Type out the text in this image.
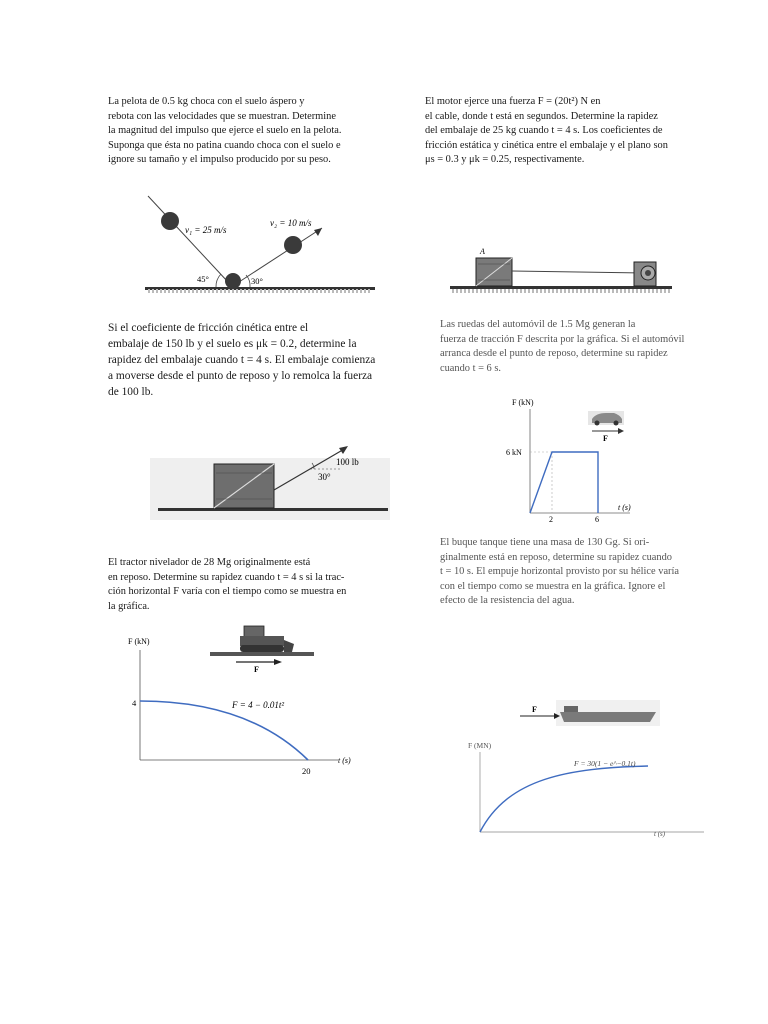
La pelota de 0.5 kg choca con el suelo áspero y
rebota con las velocidades que se muestran. Determine
la magnitud del impulso que ejerce el suelo en la pelota.
Suponga que ésta no patina cuando choca con el suelo e
ignore su tamaño y el impulso producido por su peso.
v₁ = 25 m/s
v₂ = 10 m/s
45°	30°
El motor ejerce una fuerza F = (20t²) N en
el cable, donde t está en segundos. Determine la rapidez
del embalaje de 25 kg cuando t = 4 s. Los coeficientes de
fricción estática y cinética entre el embalaje y el plano son
μs = 0.3 y μk = 0.25, respectivamente.
A
Si el coeficiente de fricción cinética entre el
embalaje de 150 lb y el suelo es μk = 0.2, determine la
rapidez del embalaje cuando t = 4 s. El embalaje comienza
a moverse desde el punto de reposo y lo remolca la fuerza
de 100 lb.
30°
100 lb
Las ruedas del automóvil de 1.5 Mg generan la
fuerza de tracción F descrita por la gráfica. Si el automóvil
arranca desde el punto de reposo, determine su rapidez
cuando t = 6 s.
F (kN)
6 kN
2	6
t (s)
F
El tractor nivelador de 28 Mg originalmente está
en reposo. Determine su rapidez cuando t = 4 s si la trac-
ción horizontal F varía con el tiempo como se muestra en
la gráfica.
F
F (kN)
4	F = 4 − 0.01t²
20
t (s)
El buque tanque tiene una masa de 130 Gg. Si ori-
ginalmente está en reposo, determine su rapidez cuando
t = 10 s. El empuje horizontal provisto por su hélice varía
con el tiempo como se muestra en la gráfica. Ignore el
efecto de la resistencia del agua.
F
F (MN)
F = 30(1 − e^−0.1t)
t (s)
